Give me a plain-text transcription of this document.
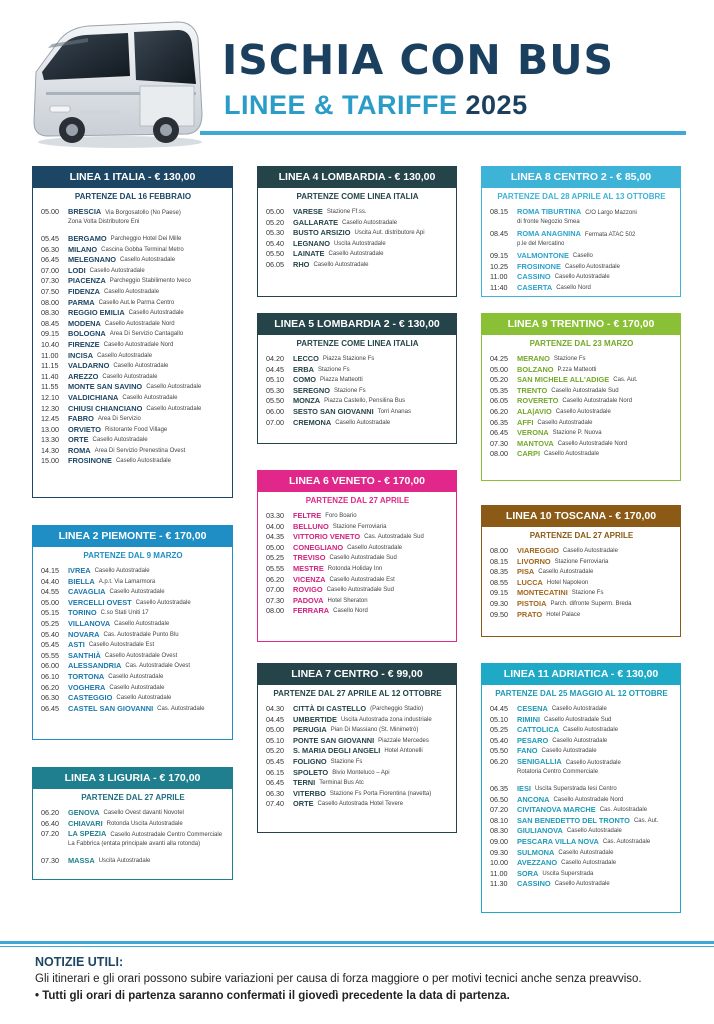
ISCHIA CON BUS
LINEE & TARIFFE 2025
LINEA 1 ITALIA - € 130,00
PARTENZE DAL 16 FEBBRAIO
05.00	BRESCIA Via Borgosatollo (No Paese)
Zona Volta Distributore Eni
05.45	BERGAMO Parcheggio Hotel Dei Mille
06.30	MILANO Cascina Gobba Terminal Metro
06.45	MELEGNANO Casello Autostradale
07.00	LODI Casello Autostradale
07.30	PIACENZA Parcheggio Stabilimento Iveco
07.50	FIDENZA Casello Autostradale
08.00	PARMA Casello Aut.le Parma Centro
08.30	REGGIO EMILIA Casello Autostradale
08.45	MODENA Casello Autostradale Nord
09.15	BOLOGNA Area Di Servizio Cantagallo
10.40	FIRENZE Casello Autostradale Nord
11.00	INCISA Casello Autostradale
11.15	VALDARNO Casello Autostradale
11.40	AREZZO Casello Autostradale
11.55	MONTE SAN SAVINO Casello Autostradale
12.10	VALDICHIANA Casello Autostradale
12.30	CHIUSI CHIANCIANO Casello Autostradale
12.45	FABRO Area Di Servizio
13.00	ORVIETO Ristorante Food Village
13.30	ORTE Casello Autostradale
14.30	ROMA Area Di Servizio Prenestina Ovest
15.00	FROSINONE Casello Autostradale
LINEA 2 PIEMONTE - € 170,00
PARTENZE DAL 9 MARZO
04.15	IVREA Casello Autostradale
04.40	BIELLA A.p.t. Via Lamarmora
04.55	CAVAGLIA Casello Autostradale
05.00	VERCELLI OVEST Casello Autostradale
05.15	TORINO C.so Stati Uniti 17
05.25	VILLANOVA Casello Autostradale
05.40	NOVARA Cas. Autostradale Punto Blu
05.45	ASTI Casello Autostradale Est
05.55	SANTHIÀ Casello Autostradale Ovest
06.00	ALESSANDRIA Cas. Autostradale Ovest
06.10	TORTONA Casello Autostradale
06.20	VOGHERA Casello Autostradale
06.30	CASTEGGIO Casello Autostradale
06.45	CASTEL SAN GIOVANNI Cas. Autostradale
LINEA 3 LIGURIA - € 170,00
PARTENZE DAL 27 APRILE
06.20	GENOVA Casello Ovest davanti Novotel
06.40	CHIAVARI Rotonda Uscita Autostradale
07.20	LA SPEZIA Casello Autostradale Centro Commerciale
La Fabbrica (entata principale avanti alla rotonda)
07.30	MASSA Uscita Autostradale
LINEA 4 LOMBARDIA - € 130,00
PARTENZE COME LINEA ITALIA
05.00	VARESE Stazione Ff.ss.
05.20	GALLARATE Casello Autostradale
05.30	BUSTO ARSIZIO Uscita Aut. distributore Api
05.40	LEGNANO Uscita Autostradale
05.50	LAINATE Casello Autostradale
06.05	RHO Casello Autostradale
LINEA 5 LOMBARDIA 2 - € 130,00
PARTENZE COME LINEA ITALIA
04.20	LECCO Piazza Stazione Fs
04.45	ERBA Stazione Fs
05.10	COMO Piazza Matteotti
05.30	SEREGNO Stazione Fs
05.50	MONZA Piazza Castello, Pensilina Bus
06.00	SESTO SAN GIOVANNI Torri Ananas
07.00	CREMONA Casello Autostradale
LINEA 6 VENETO - € 170,00
PARTENZE DAL 27 APRILE
03.30	FELTRE Foro Boario
04.00	BELLUNO Stazione Ferroviaria
04.35	VITTORIO VENETO Cas. Autostradale Sud
05.00	CONEGLIANO Casello Autostradale
05.25	TREVISO Casello Autostradale Sud
05.55	MESTRE Rotonda Holiday Inn
06.20	VICENZA Casello Autostradale Est
07.00	ROVIGO Casello Autostradale Sud
07.30	PADOVA Hotel Sheraton
08.00	FERRARA Casello Nord
LINEA 7 CENTRO - € 99,00
PARTENZE DAL 27 APRILE AL 12 OTTOBRE
04.30	CITTÀ DI CASTELLO (Parcheggio Stadio)
04.45	UMBERTIDE Uscita Autostrada zona industriale
05.00	PERUGIA Pian Di Massiano (St. Minimetrò)
05.10	PONTE SAN GIOVANNI Piazzale Mercedes
05.20	S. MARIA DEGLI ANGELI Hotel Antonelli
05.45	FOLIGNO Stazione Fs
06.15	SPOLETO Bivio Monteluco – Api
06.45	TERNI Terminal Bus Atc
06.30	VITERBO Stazione Fs Porta Fiorentina (navetta)
07.40	ORTE Casello Autostrada Hotel Tevere
LINEA 8 CENTRO 2 - € 85,00
PARTENZE DAL 28 APRILE AL 13 OTTOBRE
08.15	ROMA TIBURTINA C/O Largo Mazzoni
di fronte Negozio Smea
08.45	ROMA ANAGNINA Fermata ATAC 502
p.le del Mercatino
09.15	VALMONTONE Casello
10.25	FROSINONE Casello Autostradale
11.00	CASSINO Casello Autostradale
11:40	CASERTA Casello Nord
LINEA 9 TRENTINO - € 170,00
PARTENZE DAL 23 MARZO
04.25	MERANO Stazione Fs
05.00	BOLZANO P.zza Matteotti
05.20	SAN MICHELE ALL'ADIGE Cas. Aut.
05.35	TRENTO Casello Autostradale Sud
06.05	ROVERETO Casello Autostradale Nord
06.20	ALA|AVIO Casello Autostradale
06.35	AFFI Casello Autostradale
06.45	VERONA Stazione P. Nuova
07.30	MANTOVA Casello Autostradale Nord
08.00	CARPI Casello Autostradale
LINEA 10 TOSCANA - € 170,00
PARTENZE DAL 27 APRILE
08.00	VIAREGGIO Casello Autostradale
08.15	LIVORNO Stazione Ferroviaria
08.35	PISA Casello Autostradale
08.55	LUCCA Hotel Napoleon
09.15	MONTECATINI Stazione Fs
09.30	PISTOIA Parch. difronte Superm. Breda
09.50	PRATO Hotel Palace
LINEA 11 ADRIATICA - € 130,00
PARTENZE DAL 25 MAGGIO AL 12 OTTOBRE
04.45	CESENA Casello Autostradale
05.10	RIMINI Casello Autostradale Sud
05.25	CATTOLICA Casello Autostradale
05.40	PESARO Casello Autostradale
05.50	FANO Casello Autostradale
06.20	SENIGALLIA Casello Autostradale
Rotatoria Centro Commerciale
06.35	IESI Uscita Superstrada Iesi Centro
06.50	ANCONA Casello Autostradale Nord
07.20	CIVITANOVA MARCHE Cas. Autostradale
08.10	SAN BENEDETTO DEL TRONTO Cas. Aut.
08.30	GIULIANOVA Casello Autostradale
09.00	PESCARA VILLA NOVA Cas. Autostradale
09.30	SULMONA Casello Autostradale
10.00	AVEZZANO Casello Autostradale
11.00	SORA Uscita Superstrada
11.30	CASSINO Casello Autostradale
NOTIZIE UTILI:
Gli itinerari e gli orari possono subire variazioni per causa di forza maggiore o per motivi tecnici anche senza preavviso.
• Tutti gli orari di partenza saranno confermati il giovedì precedente la data di partenza.
